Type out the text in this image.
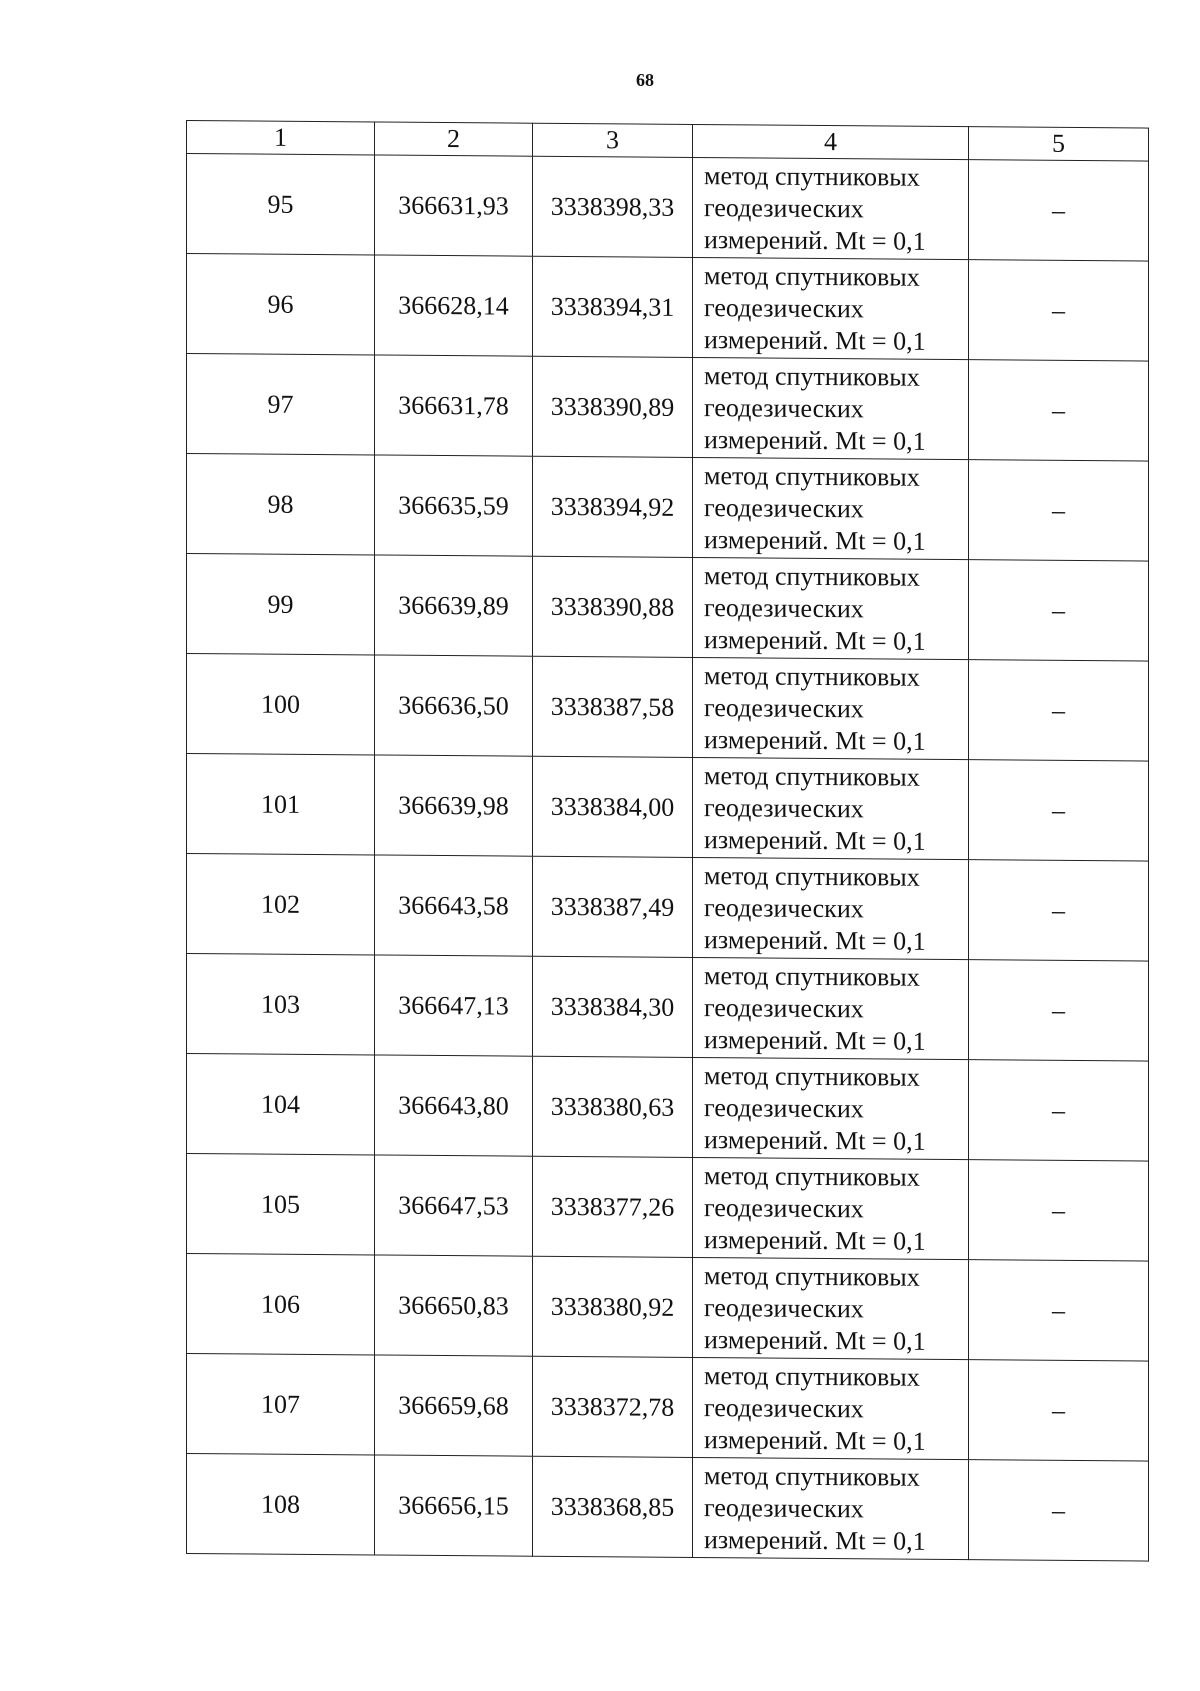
68
1	2	3	4	5
95	366631,93	3338398,33	метод спутниковых
геодезических
измерений. Mt = 0,1	–
96	366628,14	3338394,31	метод спутниковых
геодезических
измерений. Mt = 0,1	–
97	366631,78	3338390,89	метод спутниковых
геодезических
измерений. Mt = 0,1	–
98	366635,59	3338394,92	метод спутниковых
геодезических
измерений. Mt = 0,1	–
99	366639,89	3338390,88	метод спутниковых
геодезических
измерений. Mt = 0,1	–
100	366636,50	3338387,58	метод спутниковых
геодезических
измерений. Mt = 0,1	–
101	366639,98	3338384,00	метод спутниковых
геодезических
измерений. Mt = 0,1	–
102	366643,58	3338387,49	метод спутниковых
геодезических
измерений. Mt = 0,1	–
103	366647,13	3338384,30	метод спутниковых
геодезических
измерений. Mt = 0,1	–
104	366643,80	3338380,63	метод спутниковых
геодезических
измерений. Mt = 0,1	–
105	366647,53	3338377,26	метод спутниковых
геодезических
измерений. Mt = 0,1	–
106	366650,83	3338380,92	метод спутниковых
геодезических
измерений. Mt = 0,1	–
107	366659,68	3338372,78	метод спутниковых
геодезических
измерений. Mt = 0,1	–
108	366656,15	3338368,85	метод спутниковых
геодезических
измерений. Mt = 0,1	–
